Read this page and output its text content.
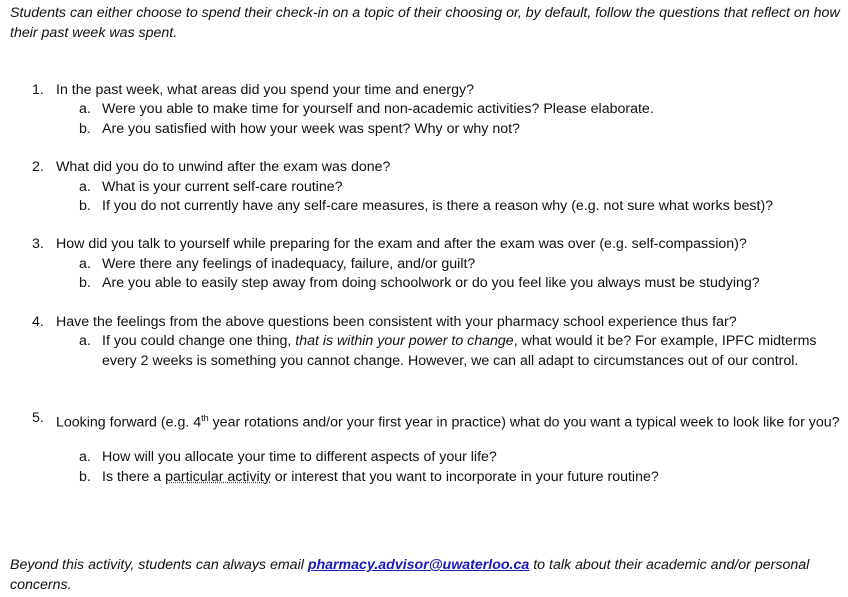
Students can either choose to spend their check-in on a topic of their choosing or, by default, follow the questions that reflect on how their past week was spent.
1. In the past week, what areas did you spend your time and energy?
a. Were you able to make time for yourself and non-academic activities? Please elaborate.
b. Are you satisfied with how your week was spent? Why or why not?
2. What did you do to unwind after the exam was done?
a. What is your current self-care routine?
b. If you do not currently have any self-care measures, is there a reason why (e.g. not sure what works best)?
3. How did you talk to yourself while preparing for the exam and after the exam was over (e.g. self-compassion)?
a. Were there any feelings of inadequacy, failure, and/or guilt?
b. Are you able to easily step away from doing schoolwork or do you feel like you always must be studying?
4. Have the feelings from the above questions been consistent with your pharmacy school experience thus far?
a. If you could change one thing, that is within your power to change, what would it be? For example, IPFC midterms every 2 weeks is something you cannot change. However, we can all adapt to circumstances out of our control.
5. Looking forward (e.g. 4th year rotations and/or your first year in practice) what do you want a typical week to look like for you?
a. How will you allocate your time to different aspects of your life?
b. Is there a particular activity or interest that you want to incorporate in your future routine?
Beyond this activity, students can always email pharmacy.advisor@uwaterloo.ca to talk about their academic and/or personal concerns.
